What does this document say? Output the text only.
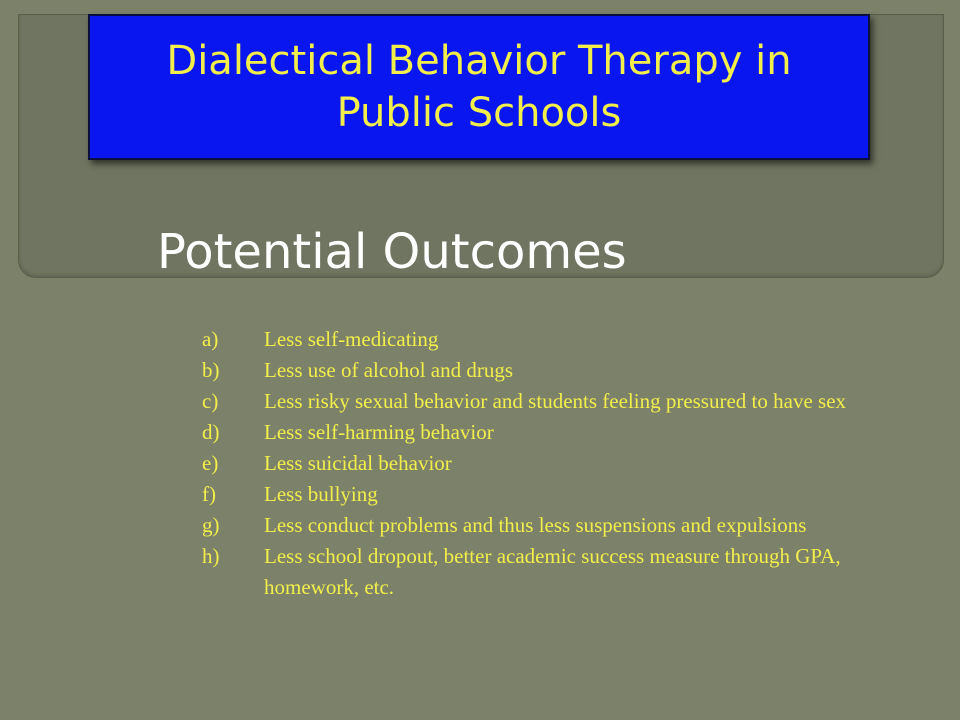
Dialectical Behavior Therapy in Public Schools
Potential Outcomes
a)	Less self-medicating
b)	Less use of alcohol and drugs
c)	Less risky sexual behavior and students feeling pressured to have sex
d)	Less self-harming behavior
e)	Less suicidal behavior
f)	Less bullying
g)	Less conduct problems and thus less suspensions and expulsions
h)	Less school dropout, better academic success measure through GPA, homework, etc.
